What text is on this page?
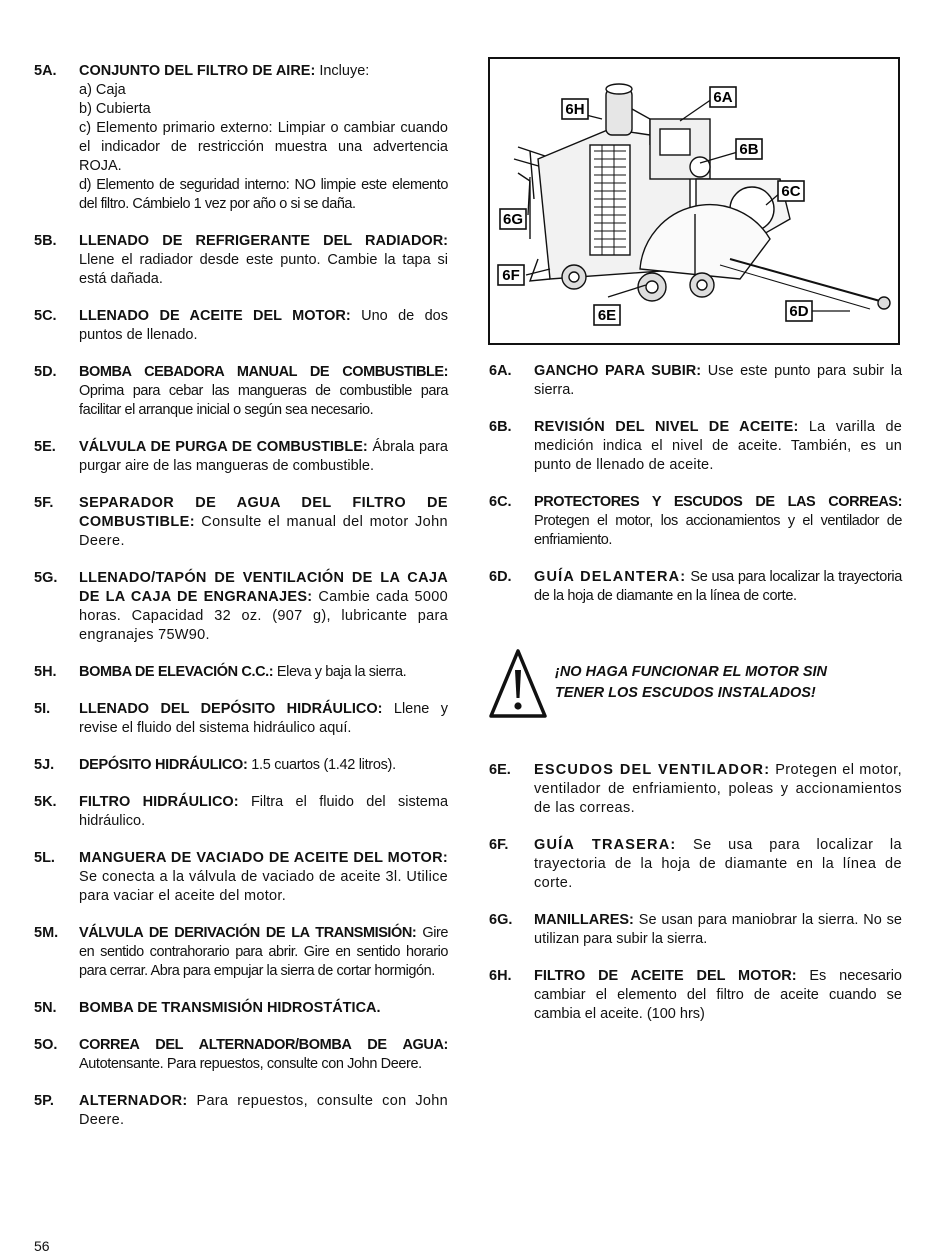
5A.	CONJUNTO DEL FILTRO DE AIRE: Incluye:
a) Caja
b) Cubierta
c) Elemento primario externo: Limpiar o cambiar cuando el indicador de restricción muestra una advertencia ROJA.
d) Elemento de seguridad interno: NO limpie este elemento del filtro. Cámbielo 1 vez por año o si se daña.
5B.	LLENADO DE REFRIGERANTE DEL RADIADOR: Llene el radiador desde este punto. Cambie la tapa si está dañada.
5C.	LLENADO DE ACEITE DEL MOTOR: Uno de dos puntos de llenado.
5D.	BOMBA CEBADORA MANUAL DE COMBUSTIBLE: Oprima para cebar las mangueras de combustible para facilitar el arranque inicial o según sea necesario.
5E.	VÁLVULA DE PURGA DE COMBUSTIBLE: Ábrala para purgar aire de las mangueras de combustible.
5F.	SEPARADOR DE AGUA DEL FILTRO DE COMBUSTIBLE: Consulte el manual del motor John Deere.
5G.	LLENADO/TAPÓN DE VENTILACIÓN DE LA CAJA DE LA CAJA DE ENGRANAJES: Cambie cada 5000 horas. Capacidad 32 oz. (907 g), lubricante para engranajes 75W90.
5H.	BOMBA DE ELEVACIÓN C.C.: Eleva y baja la sierra.
5I.	LLENADO DEL DEPÓSITO HIDRÁULICO: Llene y revise el fluido del sistema hidráulico aquí.
5J.	DEPÓSITO HIDRÁULICO: 1.5 cuartos (1.42 litros).
5K.	FILTRO HIDRÁULICO: Filtra el fluido del sistema hidráulico.
5L.	MANGUERA DE VACIADO DE ACEITE DEL MOTOR: Se conecta a la válvula de vaciado de aceite 3l. Utilice para vaciar el aceite del motor.
5M.	VÁLVULA DE DERIVACIÓN DE LA TRANSMISIÓN: Gire en sentido contrahorario para abrir. Gire en sentido horario para cerrar. Abra para empujar la sierra de cortar hormigón.
5N.	BOMBA DE TRANSMISIÓN HIDROSTÁTICA.
5O.	CORREA DEL ALTERNADOR/BOMBA DE AGUA: Autotensante. Para repuestos, consulte con John Deere.
5P.	ALTERNADOR: Para repuestos, consulte con John Deere.
6A
6B
6C
6D
6E
6F
6G
6H
6A.	GANCHO PARA SUBIR: Use este punto para subir la sierra.
6B.	REVISIÓN DEL NIVEL DE ACEITE: La varilla de medición indica el nivel de aceite. También, es un punto de llenado de aceite.
6C.	PROTECTORES Y ESCUDOS DE LAS CORREAS: Protegen el motor, los accionamientos y el ventilador de enfriamiento.
6D.	GUÍA DELANTERA: Se usa para localizar la trayectoria de la hoja de diamante en la línea de corte.
¡NO HAGA FUNCIONAR EL MOTOR SIN
TENER LOS ESCUDOS INSTALADOS!
6E.	ESCUDOS DEL VENTILADOR: Protegen el motor, ventilador de enfriamiento, poleas y accionamientos de las correas.
6F.	GUÍA TRASERA: Se usa para localizar la trayectoria de la hoja de diamante en la línea de corte.
6G.	MANILLARES: Se usan para maniobrar la sierra. No se utilizan para subir la sierra.
6H.	FILTRO DE ACEITE DEL MOTOR: Es necesario cambiar el elemento del filtro de aceite cuando se cambia el aceite. (100 hrs)
56
